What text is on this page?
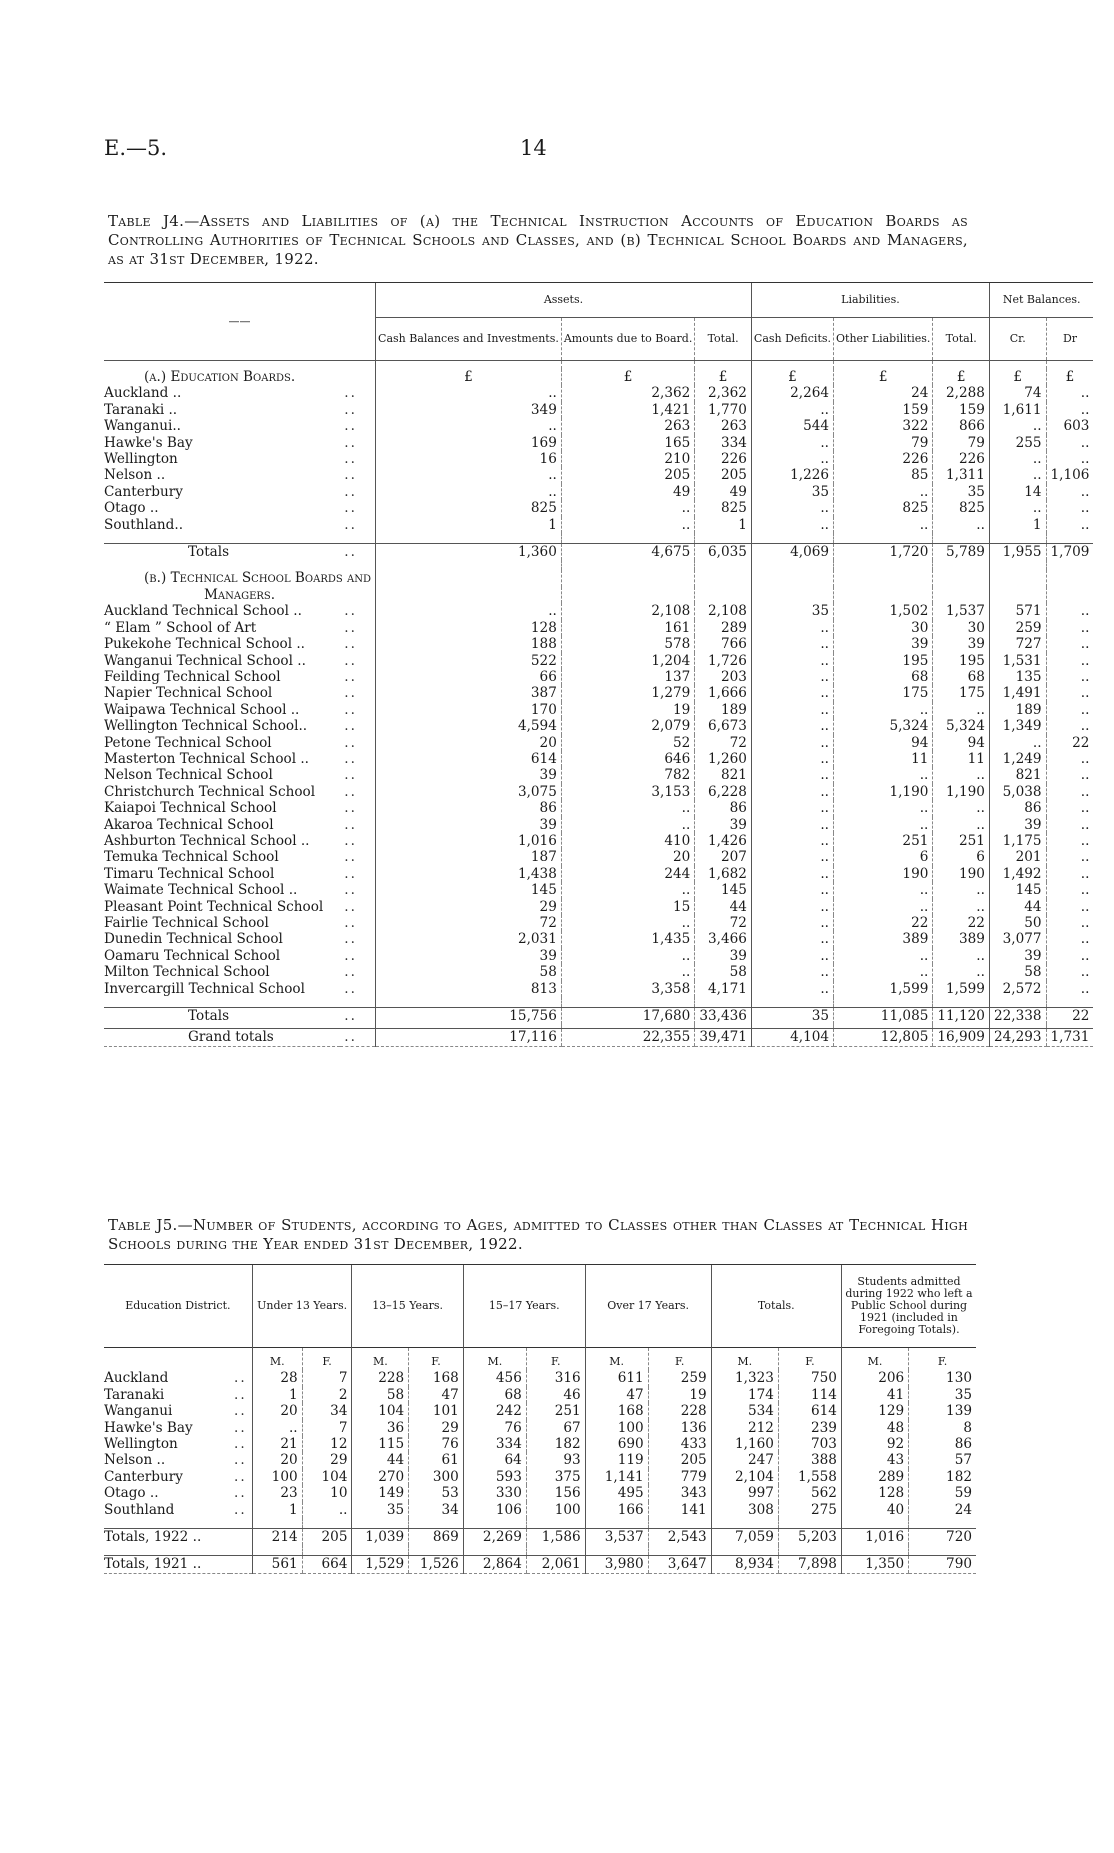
E.—5.	14
Table J4.—Assets and Liabilities of (a) the Technical Instruction Accounts of Education Boards as Controlling Authorities of Technical Schools and Classes, and (b) Technical School Boards and Managers, as at 31st December, 1922.
——		Assets.			Liabilities.			Net Balances.	
		Cash Balances and Investments.	Amounts due to Board.	Total.	Cash Deficits.	Other Liabilities.	Total.	Cr.	Dr

(a.) Education Boards.		£	£	£	£	£	£	£	£
Auckland ..	..	..	2,362	2,362	2,264	24	2,288	74	..
Taranaki ..	..	349	1,421	1,770	..	159	159	1,611	..
Wanganui..	..	..	263	263	544	322	866	..	603
Hawke's Bay	..	169	165	334	..	79	79	255	..
Wellington	..	16	210	226	..	226	226	..	..
Nelson ..	..	..	205	205	1,226	85	1,311	..	1,106
Canterbury	..	..	49	49	35	..	35	14	..
Otago ..	..	825	..	825	..	825	825	..	..
Southland..	..	1	..	1	..	..	..	1	..

Totals	..	1,360	4,675	6,035	4,069	1,720	5,789	1,955	1,709

(b.) Technical School Boards and									
Managers.									
Auckland Technical School ..	..	..	2,108	2,108	35	1,502	1,537	571	..
“ Elam ” School of Art	..	128	161	289	..	30	30	259	..
Pukekohe Technical School ..	..	188	578	766	..	39	39	727	..
Wanganui Technical School ..	..	522	1,204	1,726	..	195	195	1,531	..
Feilding Technical School	..	66	137	203	..	68	68	135	..
Napier Technical School	..	387	1,279	1,666	..	175	175	1,491	..
Waipawa Technical School ..	..	170	19	189	..	..	..	189	..
Wellington Technical School..	..	4,594	2,079	6,673	..	5,324	5,324	1,349	..
Petone Technical School	..	20	52	72	..	94	94	..	22
Masterton Technical School ..	..	614	646	1,260	..	11	11	1,249	..
Nelson Technical School	..	39	782	821	..	..	..	821	..
Christchurch Technical School	..	3,075	3,153	6,228	..	1,190	1,190	5,038	..
Kaiapoi Technical School	..	86	..	86	..	..	..	86	..
Akaroa Technical School	..	39	..	39	..	..	..	39	..
Ashburton Technical School ..	..	1,016	410	1,426	..	251	251	1,175	..
Temuka Technical School	..	187	20	207	..	6	6	201	..
Timaru Technical School	..	1,438	244	1,682	..	190	190	1,492	..
Waimate Technical School ..	..	145	..	145	..	..	..	145	..
Pleasant Point Technical School	..	29	15	44	..	..	..	44	..
Fairlie Technical School	..	72	..	72	..	22	22	50	..
Dunedin Technical School	..	2,031	1,435	3,466	..	389	389	3,077	..
Oamaru Technical School	..	39	..	39	..	..	..	39	..
Milton Technical School	..	58	..	58	..	..	..	58	..
Invercargill Technical School	..	813	3,358	4,171	..	1,599	1,599	2,572	..

Totals	..	15,756	17,680	33,436	35	11,085	11,120	22,338	22

Grand totals	..	17,116	22,355	39,471	4,104	12,805	16,909	24,293	1,731
Table J5.—Number of Students, according to Ages, admitted to Classes other than Classes at Technical High Schools during the Year ended 31st December, 1922.
Education District.		Under 13 Years.		13–15 Years.		15–17 Years.		Over 17 Years.		Totals.		Students admitted during 1922 who left a Public School during 1921 (included in Foregoing Totals).	
		M.	F.	M.	F.	M.	F.	M.	F.	M.	F.	M.	F.
Auckland	..	28	7	228	168	456	316	611	259	1,323	750	206	130
Taranaki	..	1	2	58	47	68	46	47	19	174	114	41	35
Wanganui	..	20	34	104	101	242	251	168	228	534	614	129	139
Hawke's Bay	..	..	7	36	29	76	67	100	136	212	239	48	8
Wellington	..	21	12	115	76	334	182	690	433	1,160	703	92	86
Nelson ..	..	20	29	44	61	64	93	119	205	247	388	43	57
Canterbury	..	100	104	270	300	593	375	1,141	779	2,104	1,558	289	182
Otago ..	..	23	10	149	53	330	156	495	343	997	562	128	59
Southland	..	1	..	35	34	106	100	166	141	308	275	40	24

Totals, 1922 ..		214	205	1,039	869	2,269	1,586	3,537	2,543	7,059	5,203	1,016	720

Totals, 1921 ..		561	664	1,529	1,526	2,864	2,061	3,980	3,647	8,934	7,898	1,350	790
